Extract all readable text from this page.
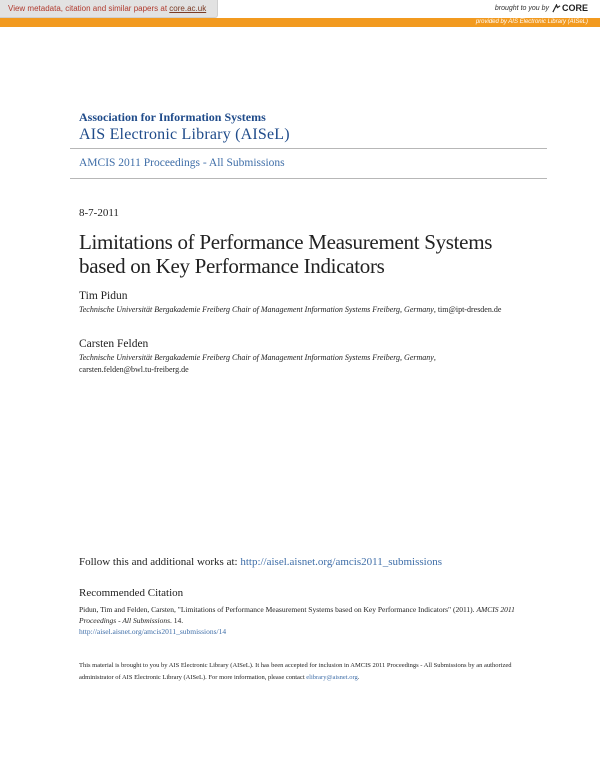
View metadata, citation and similar papers at core.ac.uk	brought to you by CORE
provided by AIS Electronic Library (AISeL)
Association for Information Systems
AIS Electronic Library (AISeL)
AMCIS 2011 Proceedings - All Submissions
8-7-2011
Limitations of Performance Measurement Systems based on Key Performance Indicators
Tim Pidun
Technische Universität Bergakademie Freiberg Chair of Management Information Systems Freiberg, Germany, tim@ipt-dresden.de
Carsten Felden
Technische Universität Bergakademie Freiberg Chair of Management Information Systems Freiberg, Germany, carsten.felden@bwl.tu-freiberg.de
Follow this and additional works at: http://aisel.aisnet.org/amcis2011_submissions
Recommended Citation
Pidun, Tim and Felden, Carsten, "Limitations of Performance Measurement Systems based on Key Performance Indicators" (2011). AMCIS 2011 Proceedings - All Submissions. 14.
http://aisel.aisnet.org/amcis2011_submissions/14
This material is brought to you by AIS Electronic Library (AISeL). It has been accepted for inclusion in AMCIS 2011 Proceedings - All Submissions by an authorized administrator of AIS Electronic Library (AISeL). For more information, please contact elibrary@aisnet.org.
